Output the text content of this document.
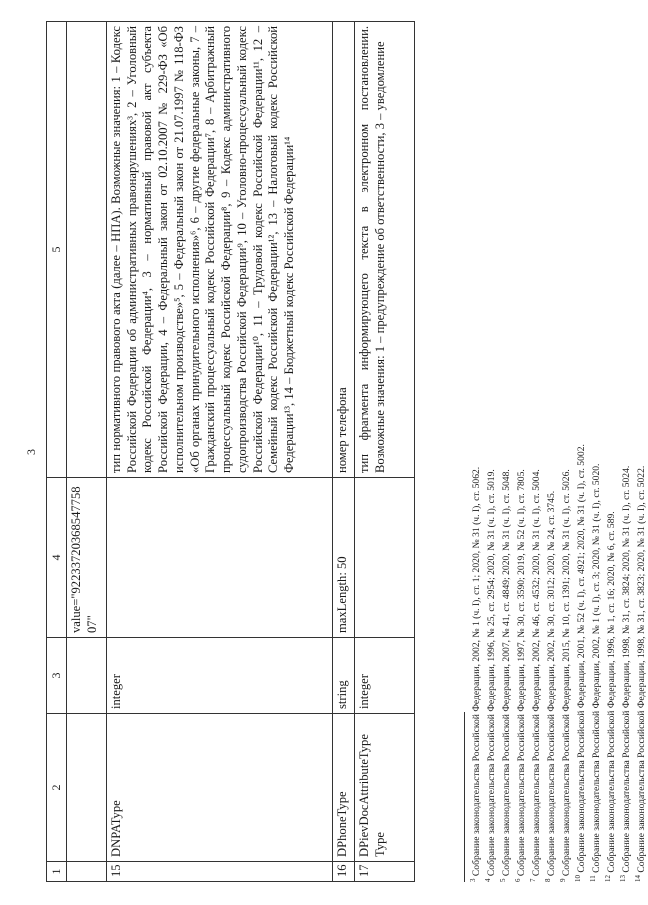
3
1	2	3	4	5
			value="9223372036854775807"	
15	DNPAType	integer		тип нормативного правового акта (далее – НПА). Возможные значения: 1 – Кодекс Российской Федерации об административных правонарушениях³, 2 – Уголовный кодекс Российской Федерации⁴, 3 – нормативный правовой акт субъекта Российской Федерации, 4 – Федеральный закон от 02.10.2007 № 229-ФЗ «Об исполнительном производстве»⁵, 5 – Федеральный закон от 21.07.1997 № 118-ФЗ «Об органах принудительного исполнения»⁶, 6 – другие федеральные законы, 7 – Гражданский процессуальный кодекс Российской Федерации⁷, 8 – Арбитражный процессуальный кодекс Российской Федерации⁸, 9 – Кодекс административного судопроизводства Российской Федерации⁹, 10 – Уголовно-процессуальный кодекс Российской Федерации¹⁰, 11 – Трудовой кодекс Российской Федерации¹¹, 12 – Семейный кодекс Российской Федерации¹², 13 – Налоговый кодекс Российской Федерации¹³, 14 – Бюджетный кодекс Российской Федерации¹⁴
16	DPhoneType	string	maxLength: 50	номер телефона
17	DPievDocAttributeType Type	integer		тип фрагмента информирующего текста в электронном постановлении. Возможные значения: 1 – предупреждение об ответственности, 3 – уведомление
$^3$ Собрание законодательства Российской Федерации, 2002, № 1 (ч. I), ст. 1; 2020, № 31 (ч. I), ст. 5062.
$^4$ Собрание законодательства Российской Федерации, 1996, № 25, ст. 2954; 2020, № 31 (ч. I), ст. 5019.
$^5$ Собрание законодательства Российской Федерации, 2007, № 41, ст. 4849; 2020, № 31 (ч. I), ст. 5048.
$^6$ Собрание законодательства Российской Федерации, 1997, № 30, ст. 3590; 2019, № 52 (ч. I), ст. 7805.
$^7$ Собрание законодательства Российской Федерации, 2002, № 46, ст. 4532; 2020, № 31 (ч. I), ст. 5004.
$^8$ Собрание законодательства Российской Федерации, 2002, № 30, ст. 3012; 2020, № 24, ст. 3745.
$^9$ Собрание законодательства Российской Федерации, 2015, № 10, ст. 1391; 2020, № 31 (ч. I), ст. 5026.
$^{10}$ Собрание законодательства Российской Федерации, 2001, № 52 (ч. I), ст. 4921; 2020, № 31 (ч. I), ст. 5002.
$^{11}$ Собрание законодательства Российской Федерации, 2002, № 1 (ч. I), ст. 3; 2020, № 31 (ч. I), ст. 5020.
$^{12}$ Собрание законодательства Российской Федерации, 1996, № 1, ст. 16; 2020, № 6, ст. 589.
$^{13}$ Собрание законодательства Российской Федерации, 1998, № 31, ст. 3824; 2020, № 31 (ч. I), ст. 5024.
$^{14}$ Собрание законодательства Российской Федерации, 1998, № 31, ст. 3823; 2020, № 31 (ч. I), ст. 5022.
